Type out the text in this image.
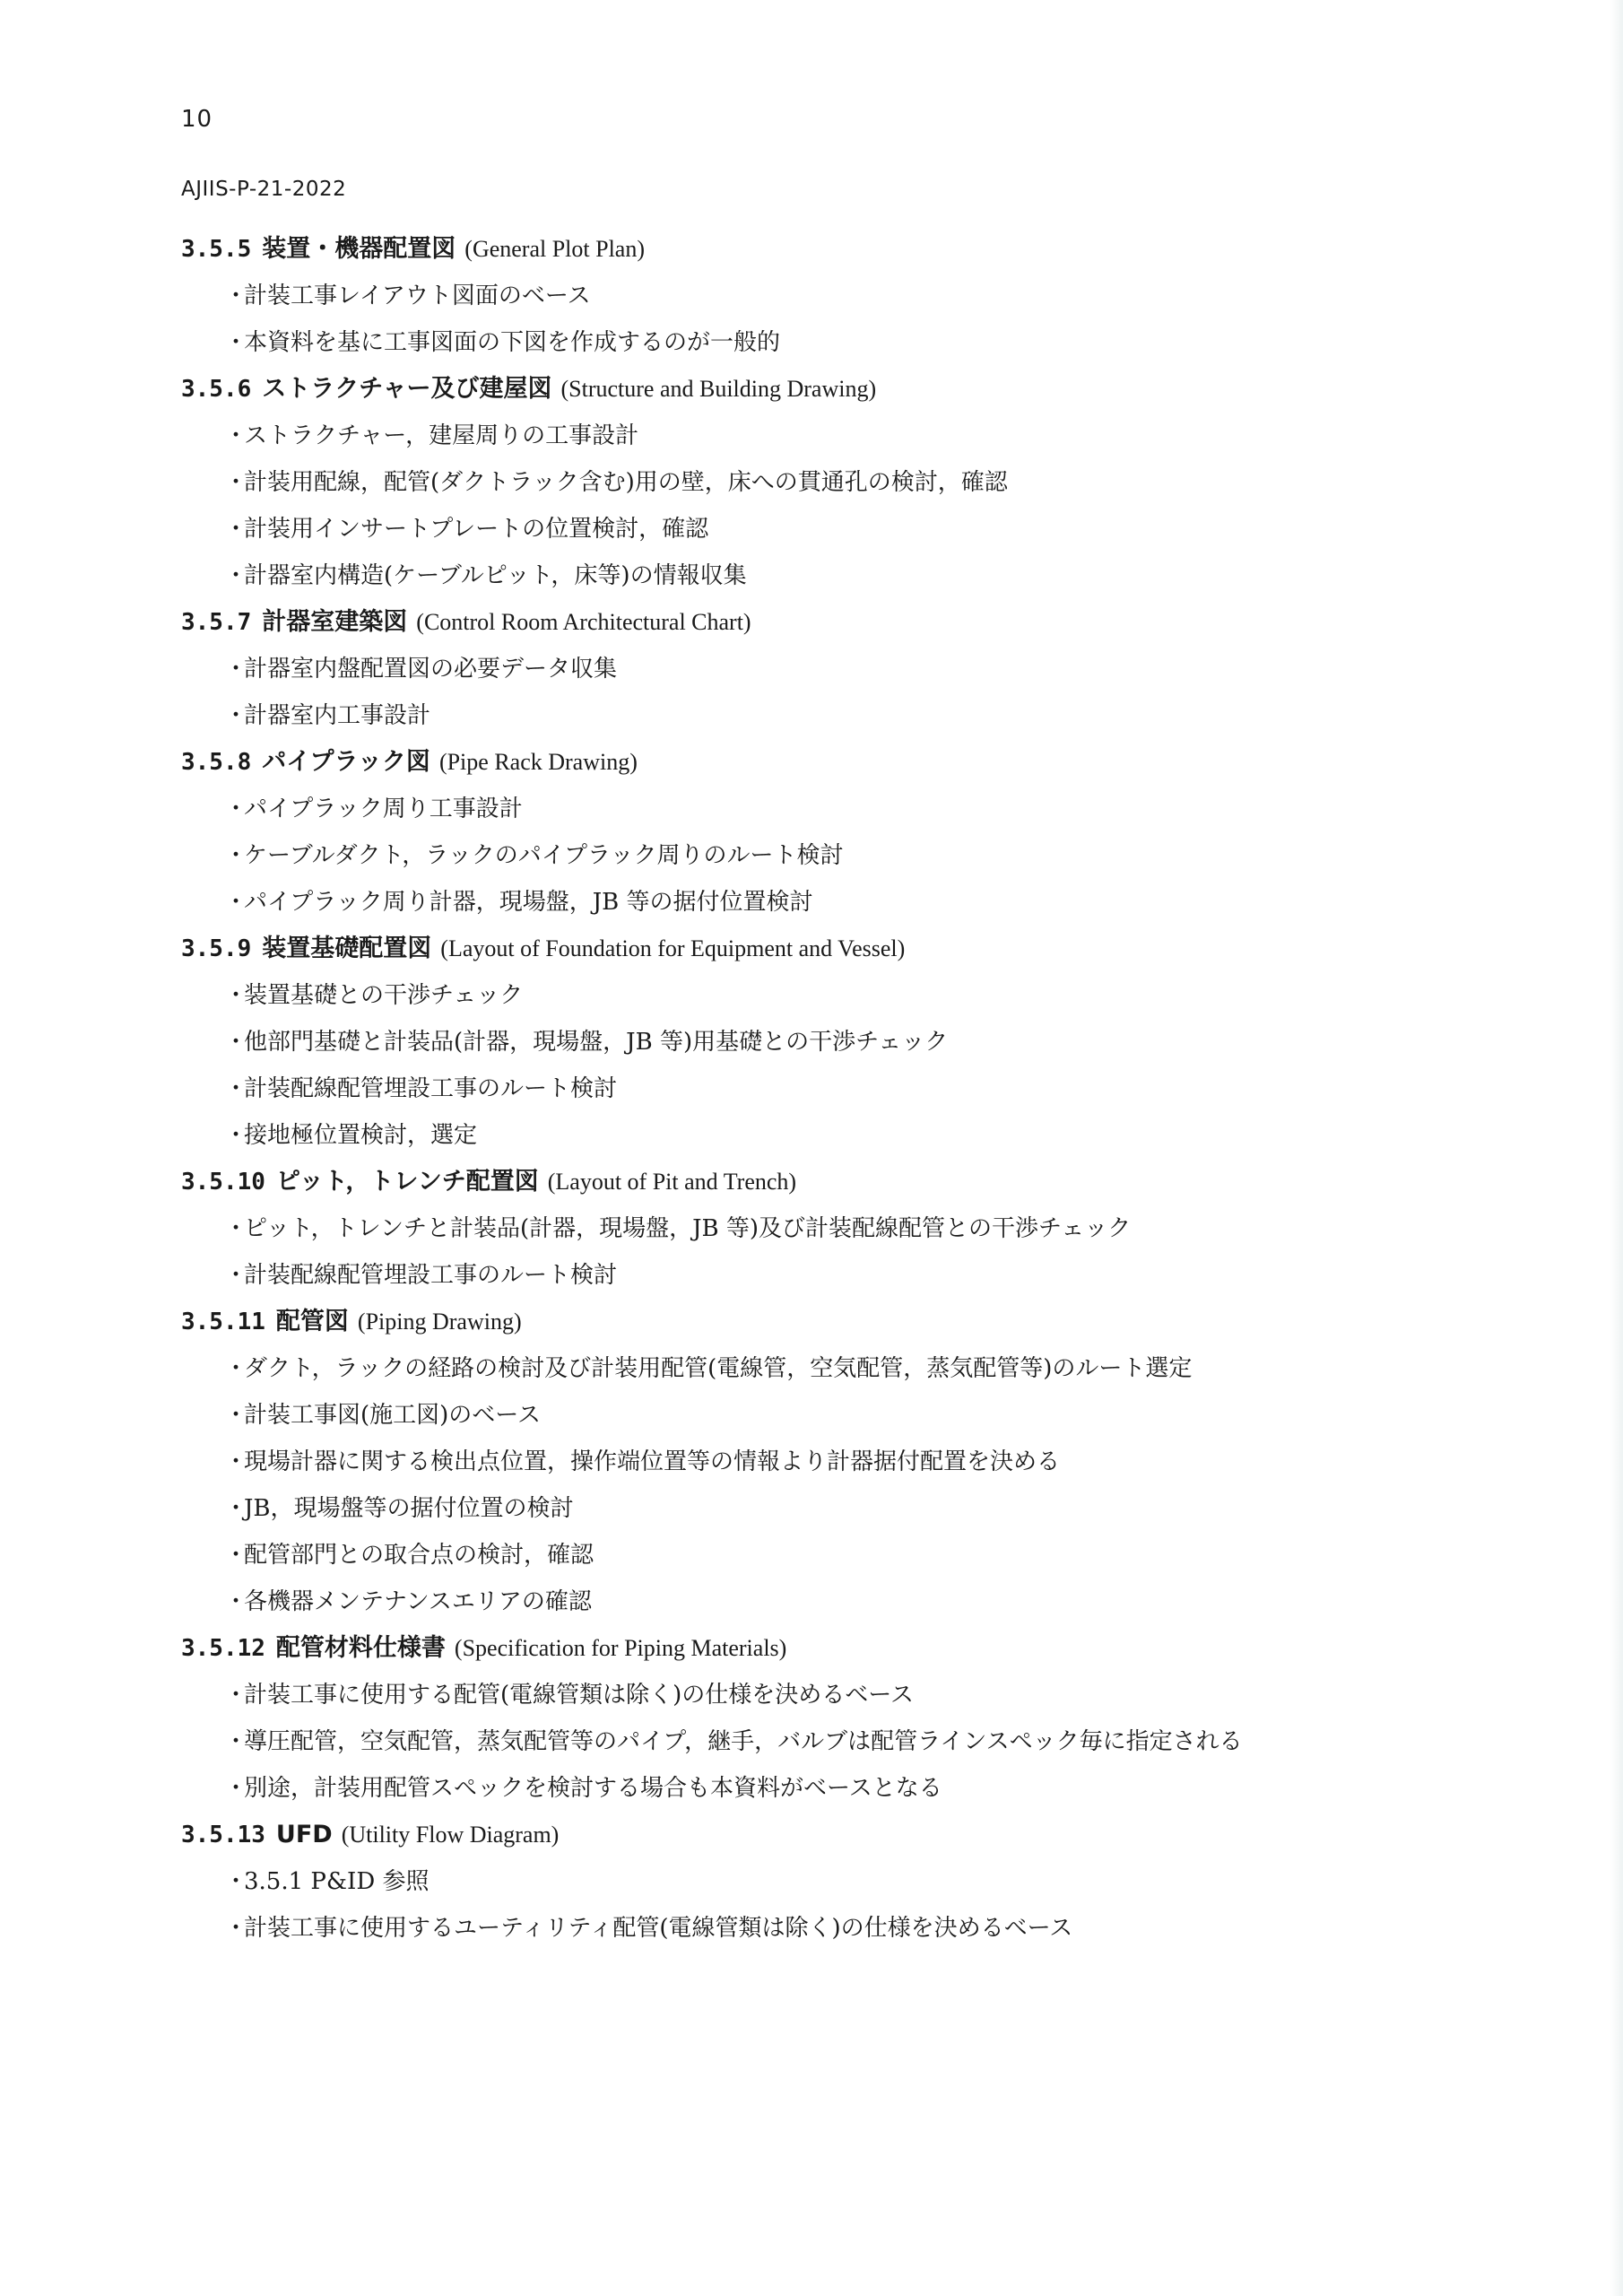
10
AJIIS-P-21-2022
3.5.5 装置・機器配置図 (General Plot Plan)
・計装工事レイアウト図面のベース
・本資料を基に工事図面の下図を作成するのが一般的
3.5.6 ストラクチャー及び建屋図 (Structure and Building Drawing)
・ストラクチャー，建屋周りの工事設計
・計装用配線，配管(ダクトラック含む)用の壁，床への貫通孔の検討，確認
・計装用インサートプレートの位置検討，確認
・計器室内構造(ケーブルピット，床等)の情報収集
3.5.7 計器室建築図 (Control Room Architectural Chart)
・計器室内盤配置図の必要データ収集
・計器室内工事設計
3.5.8 パイプラック図 (Pipe Rack Drawing)
・パイプラック周り工事設計
・ケーブルダクト，ラックのパイプラック周りのルート検討
・パイプラック周り計器，現場盤，JB 等の据付位置検討
3.5.9 装置基礎配置図 (Layout of Foundation for Equipment and Vessel)
・装置基礎との干渉チェック
・他部門基礎と計装品(計器，現場盤，JB 等)用基礎との干渉チェック
・計装配線配管埋設工事のルート検討
・接地極位置検討，選定
3.5.10 ピット，トレンチ配置図 (Layout of Pit and Trench)
・ピット，トレンチと計装品(計器，現場盤，JB 等)及び計装配線配管との干渉チェック
・計装配線配管埋設工事のルート検討
3.5.11 配管図 (Piping Drawing)
・ダクト，ラックの経路の検討及び計装用配管(電線管，空気配管，蒸気配管等)のルート選定
・計装工事図(施工図)のベース
・現場計器に関する検出点位置，操作端位置等の情報より計器据付配置を決める
・JB，現場盤等の据付位置の検討
・配管部門との取合点の検討，確認
・各機器メンテナンスエリアの確認
3.5.12 配管材料仕様書 (Specification for Piping Materials)
・計装工事に使用する配管(電線管類は除く)の仕様を決めるベース
・導圧配管，空気配管，蒸気配管等のパイプ，継手，バルブは配管ラインスペック毎に指定される
・別途，計装用配管スペックを検討する場合も本資料がベースとなる
3.5.13 UFD (Utility Flow Diagram)
・3.5.1 P&ID 参照
・計装工事に使用するユーティリティ配管(電線管類は除く)の仕様を決めるベース
